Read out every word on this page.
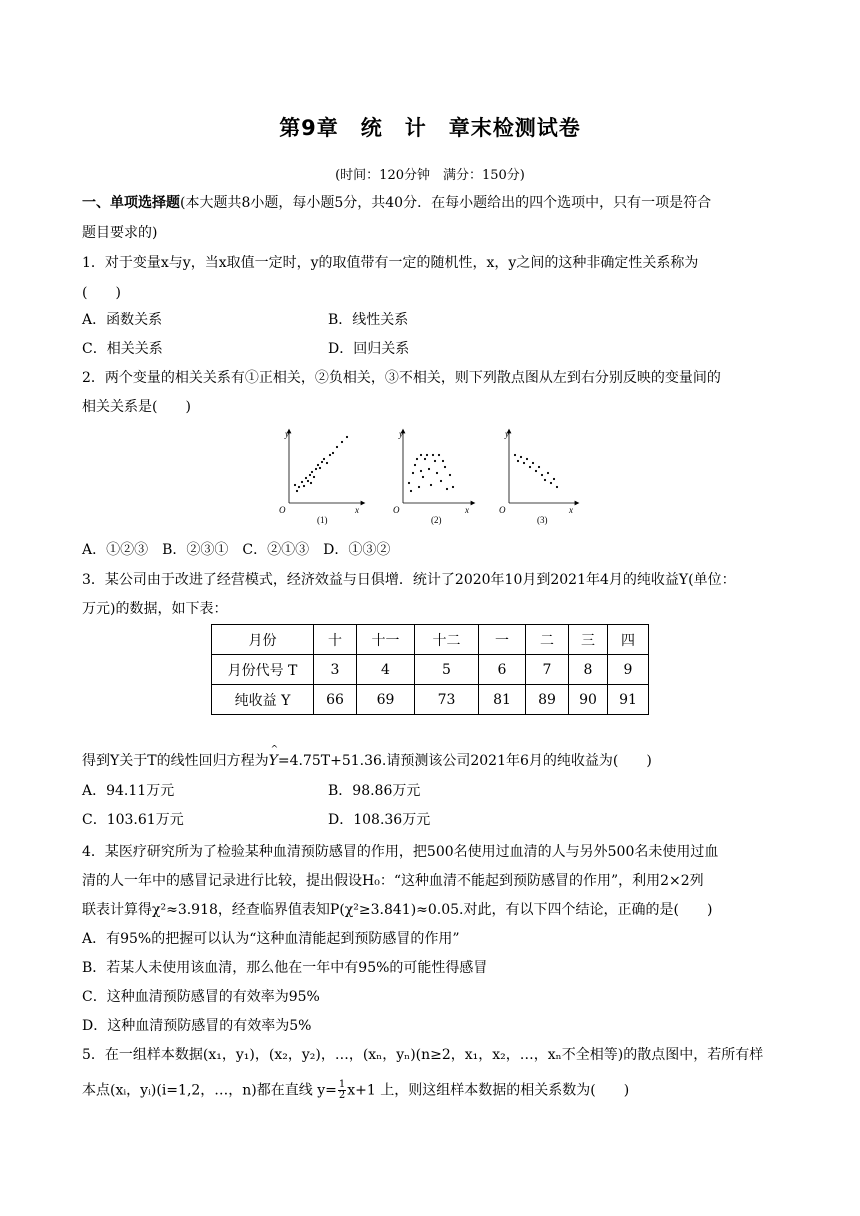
第9章　统　计　章末检测试卷
(时间：120分钟　满分：150分)
一、单项选择题(本大题共8小题，每小题5分，共40分．在每小题给出的四个选项中，只有一项是符合
题目要求的)
1．对于变量x与y，当x取值一定时，y的取值带有一定的随机性，x，y之间的这种非确定性关系称为
(　　)
A．函数关系	B．线性关系
C．相关关系	D．回归关系
2．两个变量的相关关系有①正相关，②负相关，③不相关，则下列散点图从左到右分别反映的变量间的
相关关系是(　　)
y
x
O
(1)
y
x
O
(2)
y
x
O
(3)
A．①②③　B．②③①　C．②①③　D．①③②
3．某公司由于改进了经营模式，经济效益与日俱增．统计了2020年10月到2021年4月的纯收益Y(单位：
万元)的数据，如下表：
月份	十	十一	十二	一	二	三	四
月份代号 T	3	4	5	6	7	8	9
纯收益 Y	66	69	73	81	89	90	91
得到Y关于T的线性回归方程为^ Y=4.75T+51.36.请预测该公司2021年6月的纯收益为(　　)
A．94.11万元	B．98.86万元
C．103.61万元	D．108.36万元
4．某医疗研究所为了检验某种血清预防感冒的作用，把500名使用过血清的人与另外500名未使用过血
清的人一年中的感冒记录进行比较，提出假设H₀：“这种血清不能起到预防感冒的作用”，利用2×2列
联表计算得χ²≈3.918，经查临界值表知P(χ²≥3.841)≈0.05.对此，有以下四个结论，正确的是(　　)
A．有95%的把握可以认为“这种血清能起到预防感冒的作用”
B．若某人未使用该血清，那么他在一年中有95%的可能性得感冒
C．这种血清预防感冒的有效率为95%
D．这种血清预防感冒的有效率为5%
5．在一组样本数据(x₁，y₁)，(x₂，y₂)，…，(xₙ，yₙ)(n≥2，x₁，x₂，…，xₙ不全相等)的散点图中，若所有样
本点(xᵢ，yᵢ)(i=1,2，…，n)都在直线 $y= \frac{1}{2} x+1$ 上，则这组样本数据的相关系数为(　　)
